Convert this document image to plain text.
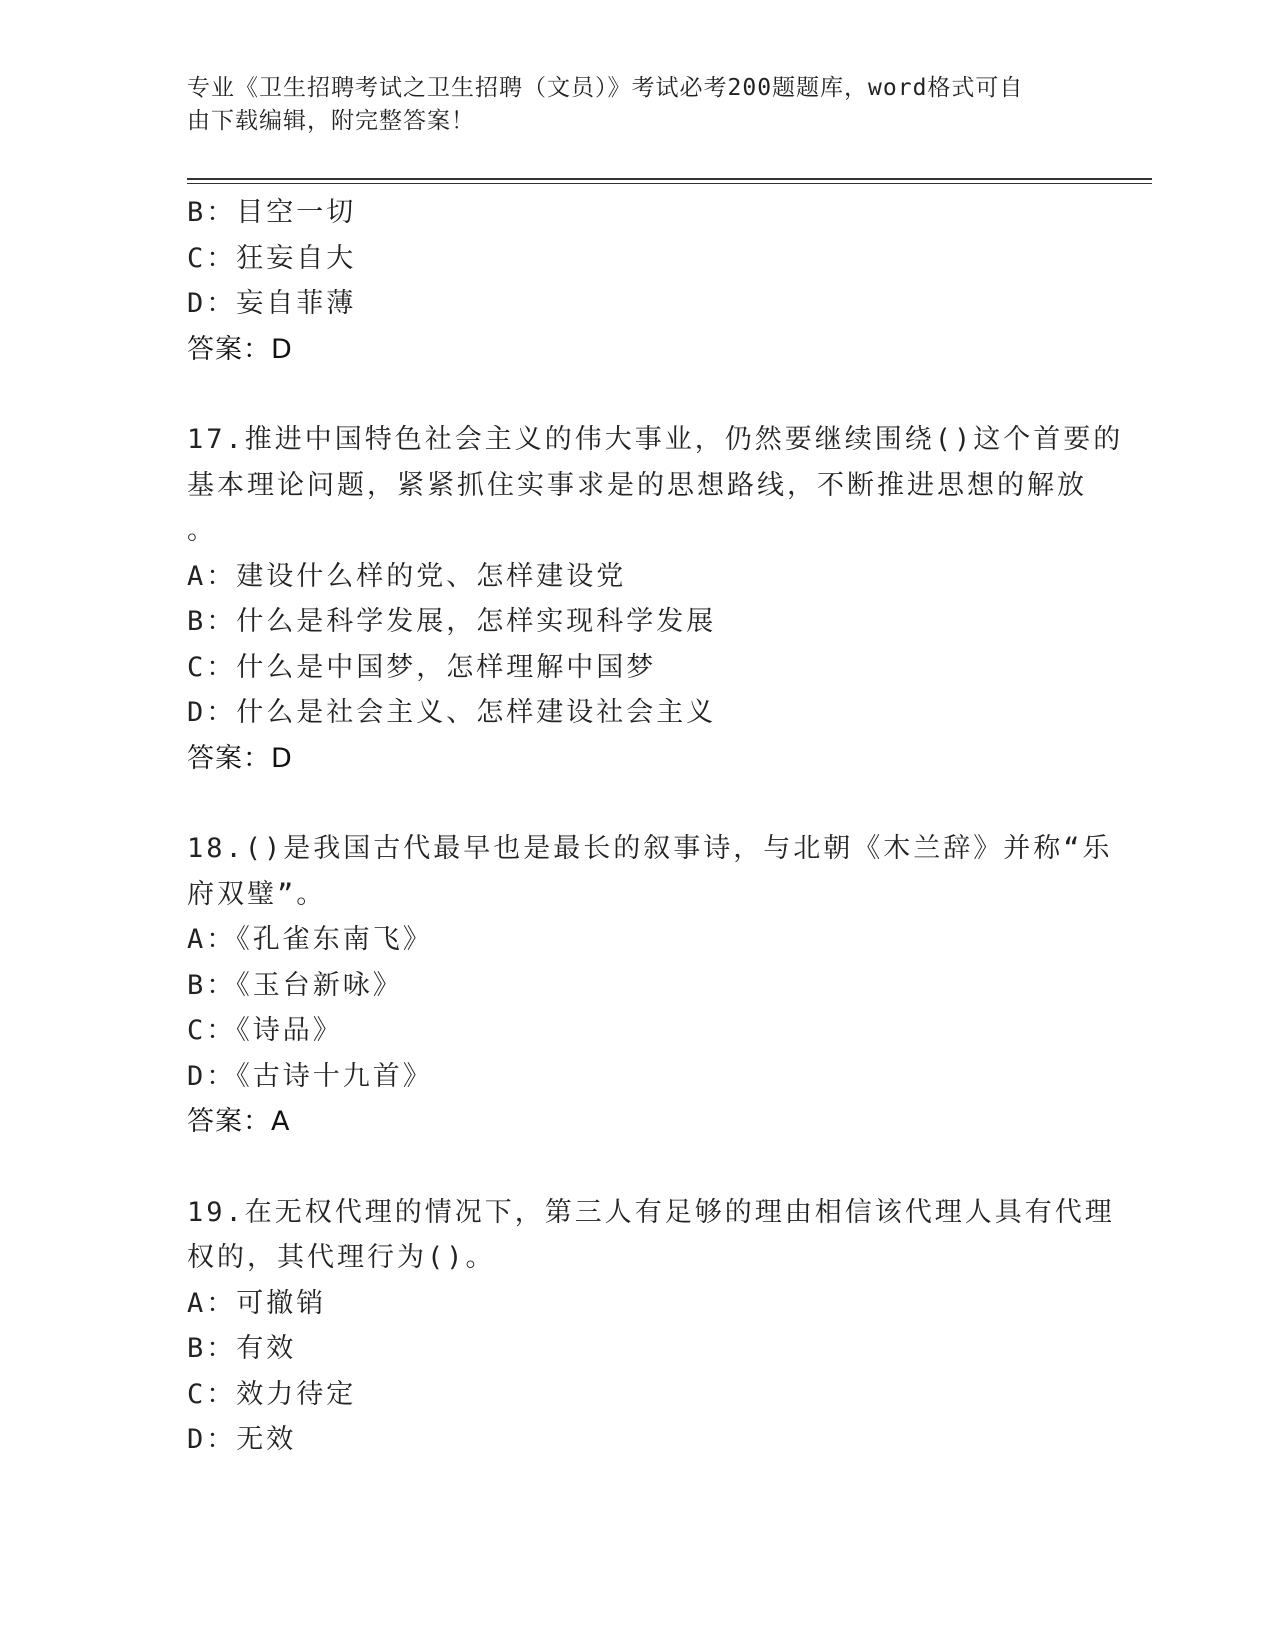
专业《卫生招聘考试之卫生招聘（文员）》考试必考200题题库，word格式可自
由下载编辑，附完整答案！
B：目空一切
C：狂妄自大
D：妄自菲薄
答案：D
17.推进中国特色社会主义的伟大事业，仍然要继续围绕()这个首要的
基本理论问题，紧紧抓住实事求是的思想路线，不断推进思想的解放
。
A：建设什么样的党、怎样建设党
B：什么是科学发展，怎样实现科学发展
C：什么是中国梦，怎样理解中国梦
D：什么是社会主义、怎样建设社会主义
答案：D
18.()是我国古代最早也是最长的叙事诗，与北朝《木兰辞》并称“乐
府双璧”。
A：《孔雀东南飞》
B：《玉台新咏》
C：《诗品》
D：《古诗十九首》
答案：A
19.在无权代理的情况下，第三人有足够的理由相信该代理人具有代理
权的，其代理行为()。
A：可撤销
B：有效
C：效力待定
D：无效
